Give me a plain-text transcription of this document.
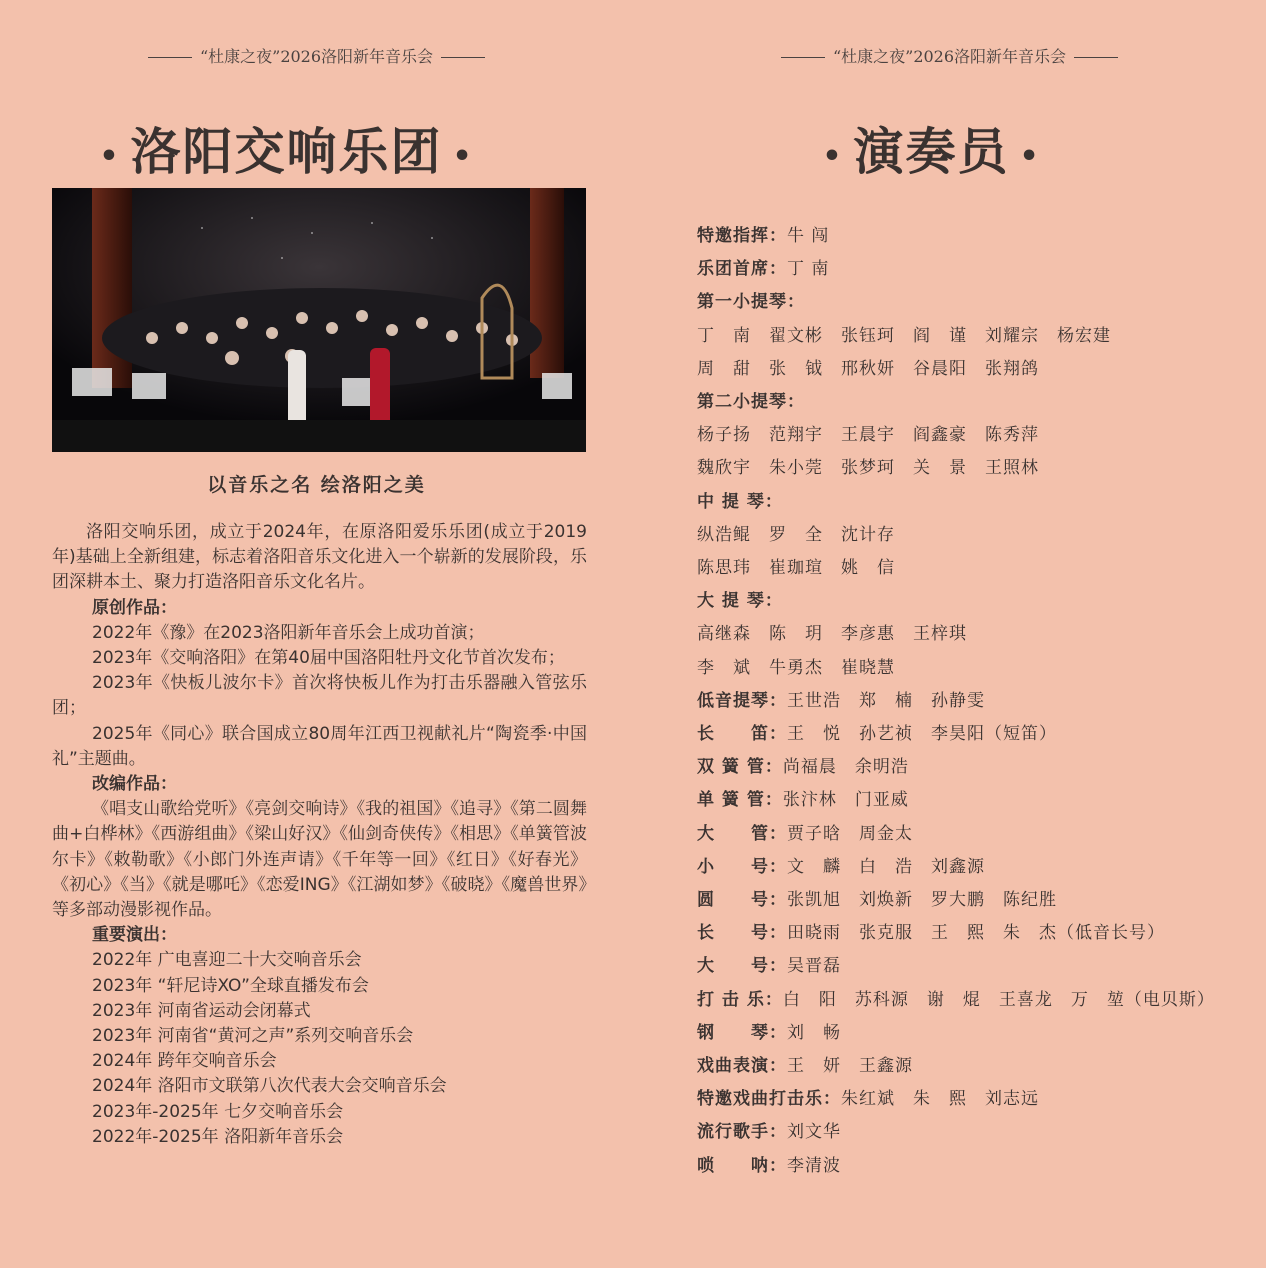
“杜康之夜”2026洛阳新年音乐会
• 洛阳交响乐团 •
以音乐之名 绘洛阳之美

洛阳交响乐团，成立于2024年，在原洛阳爱乐乐团(成立于2019年)基础上全新组建，标志着洛阳音乐文化进入一个崭新的发展阶段，乐团深耕本土、聚力打造洛阳音乐文化名片。

原创作品：

2022年《豫》在2023洛阳新年音乐会上成功首演；

2023年《交响洛阳》在第40届中国洛阳牡丹文化节首次发布；

2023年《快板儿波尔卡》首次将快板儿作为打击乐器融入管弦乐团；

2025年《同心》联合国成立80周年江西卫视献礼片“陶瓷季·中国礼”主题曲。

改编作品：

《唱支山歌给党听》《亮剑交响诗》《我的祖国》《追寻》《第二圆舞曲+白桦林》《西游组曲》《梁山好汉》《仙剑奇侠传》《相思》《单簧管波尔卡》《敕勒歌》《小郎门外连声请》《千年等一回》《红日》《好春光》《初心》《当》《就是哪吒》《恋爱ING》《江湖如梦》《破晓》《魔兽世界》等多部动漫影视作品。

重要演出：
2022年 广电喜迎二十大交响音乐会
2023年 “轩尼诗XO”全球直播发布会
2023年 河南省运动会闭幕式
2023年 河南省“黄河之声”系列交响音乐会
2024年 跨年交响音乐会
2024年 洛阳市文联第八次代表大会交响音乐会
2023年-2025年 七夕交响音乐会
2022年-2025年 洛阳新年音乐会
“杜康之夜”2026洛阳新年音乐会
• 演奏员 •
特邀指挥：牛 闯
乐团首席：丁 南
第一小提琴：
丁　南　翟文彬　张钰珂　阎　谨　刘耀宗　杨宏建
周　甜　张　钺　邢秋妍　谷晨阳　张翔鸽
第二小提琴：
杨子扬　范翔宇　王晨宇　阎鑫豪　陈秀萍
魏欣宇　朱小莞　张梦珂　关　景　王照林
中 提 琴：
纵浩鲲　罗　全　沈计存
陈思玮　崔珈瑄　姚　信
大 提 琴：
高继森　陈　玥　李彦惠　王梓琪
李　斌　牛勇杰　崔晓慧
低音提琴：王世浩　郑　楠　孙静雯
长　　笛：王　悦　孙艺祯　李昊阳（短笛）
双 簧 管：尚福晨　余明浩
单 簧 管：张汴林　门亚威
大　　管：贾子晗　周金太
小　　号：文　麟　白　浩　刘鑫源
圆　　号：张凯旭　刘焕新　罗大鹏　陈纪胜
长　　号：田晓雨　张克服　王　熙　朱　杰（低音长号）
大　　号：吴晋磊
打 击 乐：白　阳　苏科源　谢　焜　王喜龙　万　堃（电贝斯）
钢　　琴：刘　畅
戏曲表演：王　妍　王鑫源
特邀戏曲打击乐：朱红斌　朱　熙　刘志远
流行歌手：刘文华
唢　　呐：李清波
